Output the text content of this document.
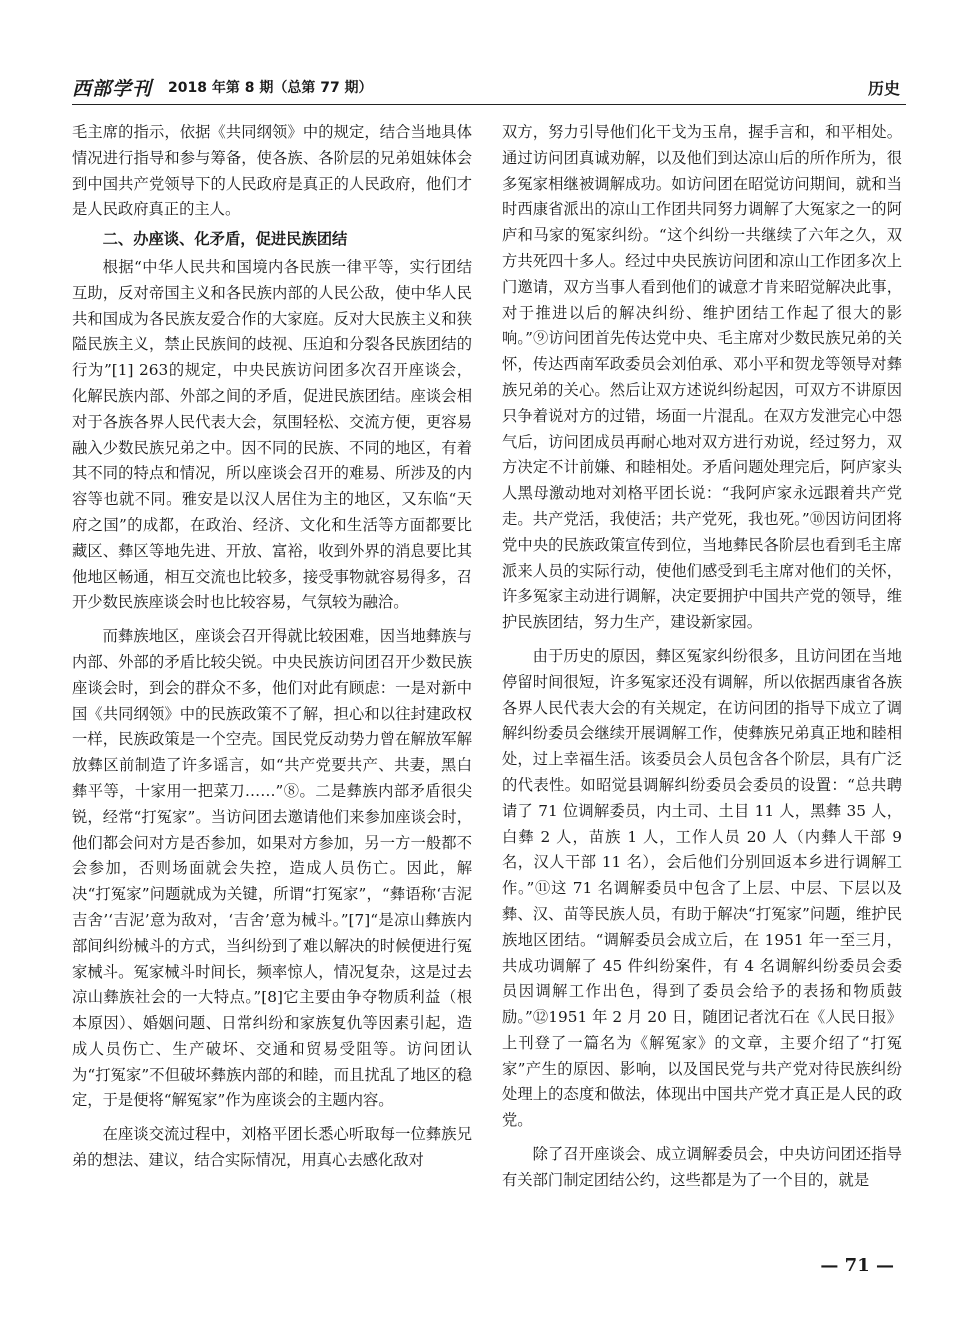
西部学刊 2018 年第 8 期（总第 77 期）	历史

毛主席的指示，依据《共同纲领》中的规定，结合当地具体情况进行指导和参与筹备，使各族、各阶层的兄弟姐妹体会到中国共产党领导下的人民政府是真正的人民政府，他们才是人民政府真正的主人。

二、办座谈、化矛盾，促进民族团结

根据“中华人民共和国境内各民族一律平等，实行团结互助，反对帝国主义和各民族内部的人民公敌，使中华人民共和国成为各民族友爱合作的大家庭。反对大民族主义和狭隘民族主义，禁止民族间的歧视、压迫和分裂各民族团结的行为”[1] 263的规定，中央民族访问团多次召开座谈会，化解民族内部、外部之间的矛盾，促进民族团结。座谈会相对于各族各界人民代表大会，氛围轻松、交流方便，更容易融入少数民族兄弟之中。因不同的民族、不同的地区，有着其不同的特点和情况，所以座谈会召开的难易、所涉及的内容等也就不同。雅安是以汉人居住为主的地区，又东临“天府之国”的成都，在政治、经济、文化和生活等方面都要比藏区、彝区等地先进、开放、富裕，收到外界的消息要比其他地区畅通，相互交流也比较多，接受事物就容易得多，召开少数民族座谈会时也比较容易，气氛较为融洽。

而彝族地区，座谈会召开得就比较困难，因当地彝族与内部、外部的矛盾比较尖锐。中央民族访问团召开少数民族座谈会时，到会的群众不多，他们对此有顾虑：一是对新中国《共同纲领》中的民族政策不了解，担心和以往封建政权一样，民族政策是一个空壳。国民党反动势力曾在解放军解放彝区前制造了许多谣言，如“共产党要共产、共妻，黑白彝平等，十家用一把菜刀……”⑧。二是彝族内部矛盾很尖锐，经常“打冤家”。当访问团去邀请他们来参加座谈会时，他们都会问对方是否参加，如果对方参加，另一方一般都不会参加，否则场面就会失控，造成人员伤亡。因此，解决“打冤家”问题就成为关键，所谓“打冤家”，“彝语称‘吉泥吉舍’‘吉泥’意为敌对，‘吉舍’意为械斗。”[7]“是凉山彝族内部间纠纷械斗的方式，当纠纷到了难以解决的时候便进行冤家械斗。冤家械斗时间长，频率惊人，情况复杂，这是过去凉山彝族社会的一大特点。”[8]它主要由争夺物质利益（根本原因）、婚姻问题、日常纠纷和家族复仇等因素引起，造成人员伤亡、生产破坏、交通和贸易受阻等。访问团认为“打冤家”不但破坏彝族内部的和睦，而且扰乱了地区的稳定，于是便将“解冤家”作为座谈会的主题内容。

在座谈交流过程中，刘格平团长悉心听取每一位彝族兄弟的想法、建议，结合实际情况，用真心去感化敌对

双方，努力引导他们化干戈为玉帛，握手言和，和平相处。通过访问团真诚劝解，以及他们到达凉山后的所作所为，很多冤家相继被调解成功。如访问团在昭觉访问期间，就和当时西康省派出的凉山工作团共同努力调解了大冤家之一的阿庐和马家的冤家纠纷。“这个纠纷一共继续了六年之久，双方共死四十多人。经过中央民族访问团和凉山工作团多次上门邀请，双方当事人看到他们的诚意才肯来昭觉解决此事，对于推进以后的解决纠纷、维护团结工作起了很大的影响。”⑨访问团首先传达党中央、毛主席对少数民族兄弟的关怀，传达西南军政委员会刘伯承、邓小平和贺龙等领导对彝族兄弟的关心。然后让双方述说纠纷起因，可双方不讲原因只争着说对方的过错，场面一片混乱。在双方发泄完心中怨气后，访问团成员再耐心地对双方进行劝说，经过努力，双方决定不计前嫌、和睦相处。矛盾问题处理完后，阿庐家头人黑母激动地对刘格平团长说：“我阿庐家永远跟着共产党走。共产党活，我使活；共产党死，我也死。”⑩因访问团将党中央的民族政策宣传到位，当地彝民各阶层也看到毛主席派来人员的实际行动，使他们感受到毛主席对他们的关怀，许多冤家主动进行调解，决定要拥护中国共产党的领导，维护民族团结，努力生产，建设新家园。

由于历史的原因，彝区冤家纠纷很多，且访问团在当地停留时间很短，许多冤家还没有调解，所以依据西康省各族各界人民代表大会的有关规定，在访问团的指导下成立了调解纠纷委员会继续开展调解工作，使彝族兄弟真正地和睦相处，过上幸福生活。该委员会人员包含各个阶层，具有广泛的代表性。如昭觉县调解纠纷委员会委员的设置：“总共聘请了 71 位调解委员，内土司、土目 11 人，黑彝 35 人，白彝 2 人，苗族 1 人，工作人员 20 人（内彝人干部 9 名，汉人干部 11 名），会后他们分别回返本乡进行调解工作。”⑪这 71 名调解委员中包含了上层、中层、下层以及彝、汉、苗等民族人员，有助于解决“打冤家”问题，维护民族地区团结。“调解委员会成立后，在 1951 年一至三月，共成功调解了 45 件纠纷案件，有 4 名调解纠纷委员会委员因调解工作出色，得到了委员会给予的表扬和物质鼓励。”⑫1951 年 2 月 20 日，随团记者沈石在《人民日报》上刊登了一篇名为《解冤家》的文章，主要介绍了“打冤家”产生的原因、影响，以及国民党与共产党对待民族纠纷处理上的态度和做法，体现出中国共产党才真正是人民的政党。

除了召开座谈会、成立调解委员会，中央访问团还指导有关部门制定团结公约，这些都是为了一个目的，就是

— 71 —
